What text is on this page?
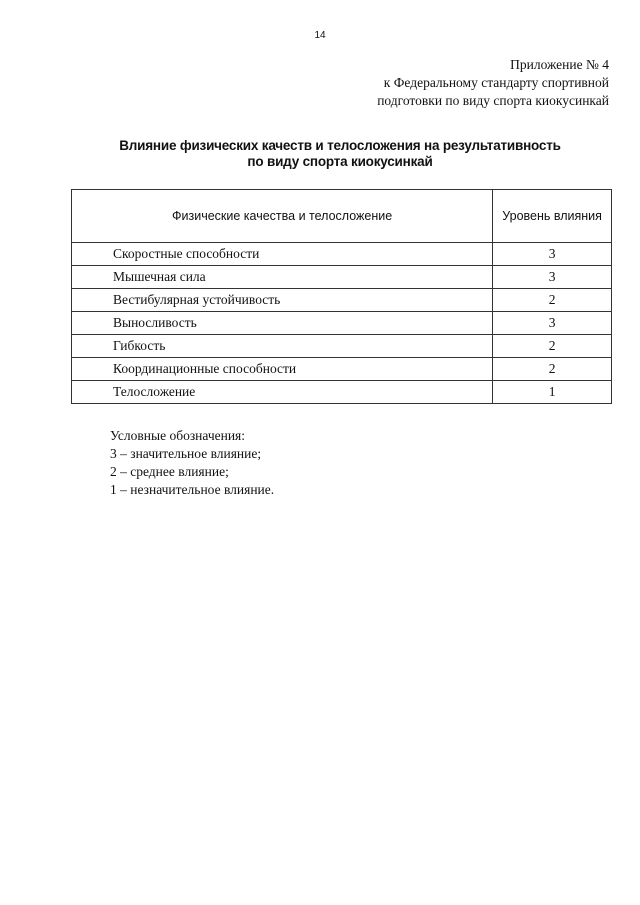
14
Приложение № 4
к Федеральному стандарту спортивной
подготовки по виду спорта киокусинкай
Влияние физических качеств и телосложения на результативность
по виду спорта киокусинкай
Физические качества и телосложение	Уровень влияния
Скоростные способности	3
Мышечная сила	3
Вестибулярная устойчивость	2
Выносливость	3
Гибкость	2
Координационные способности	2
Телосложение	1
Условные обозначения:
3 – значительное влияние;
2 – среднее влияние;
1 – незначительное влияние.
